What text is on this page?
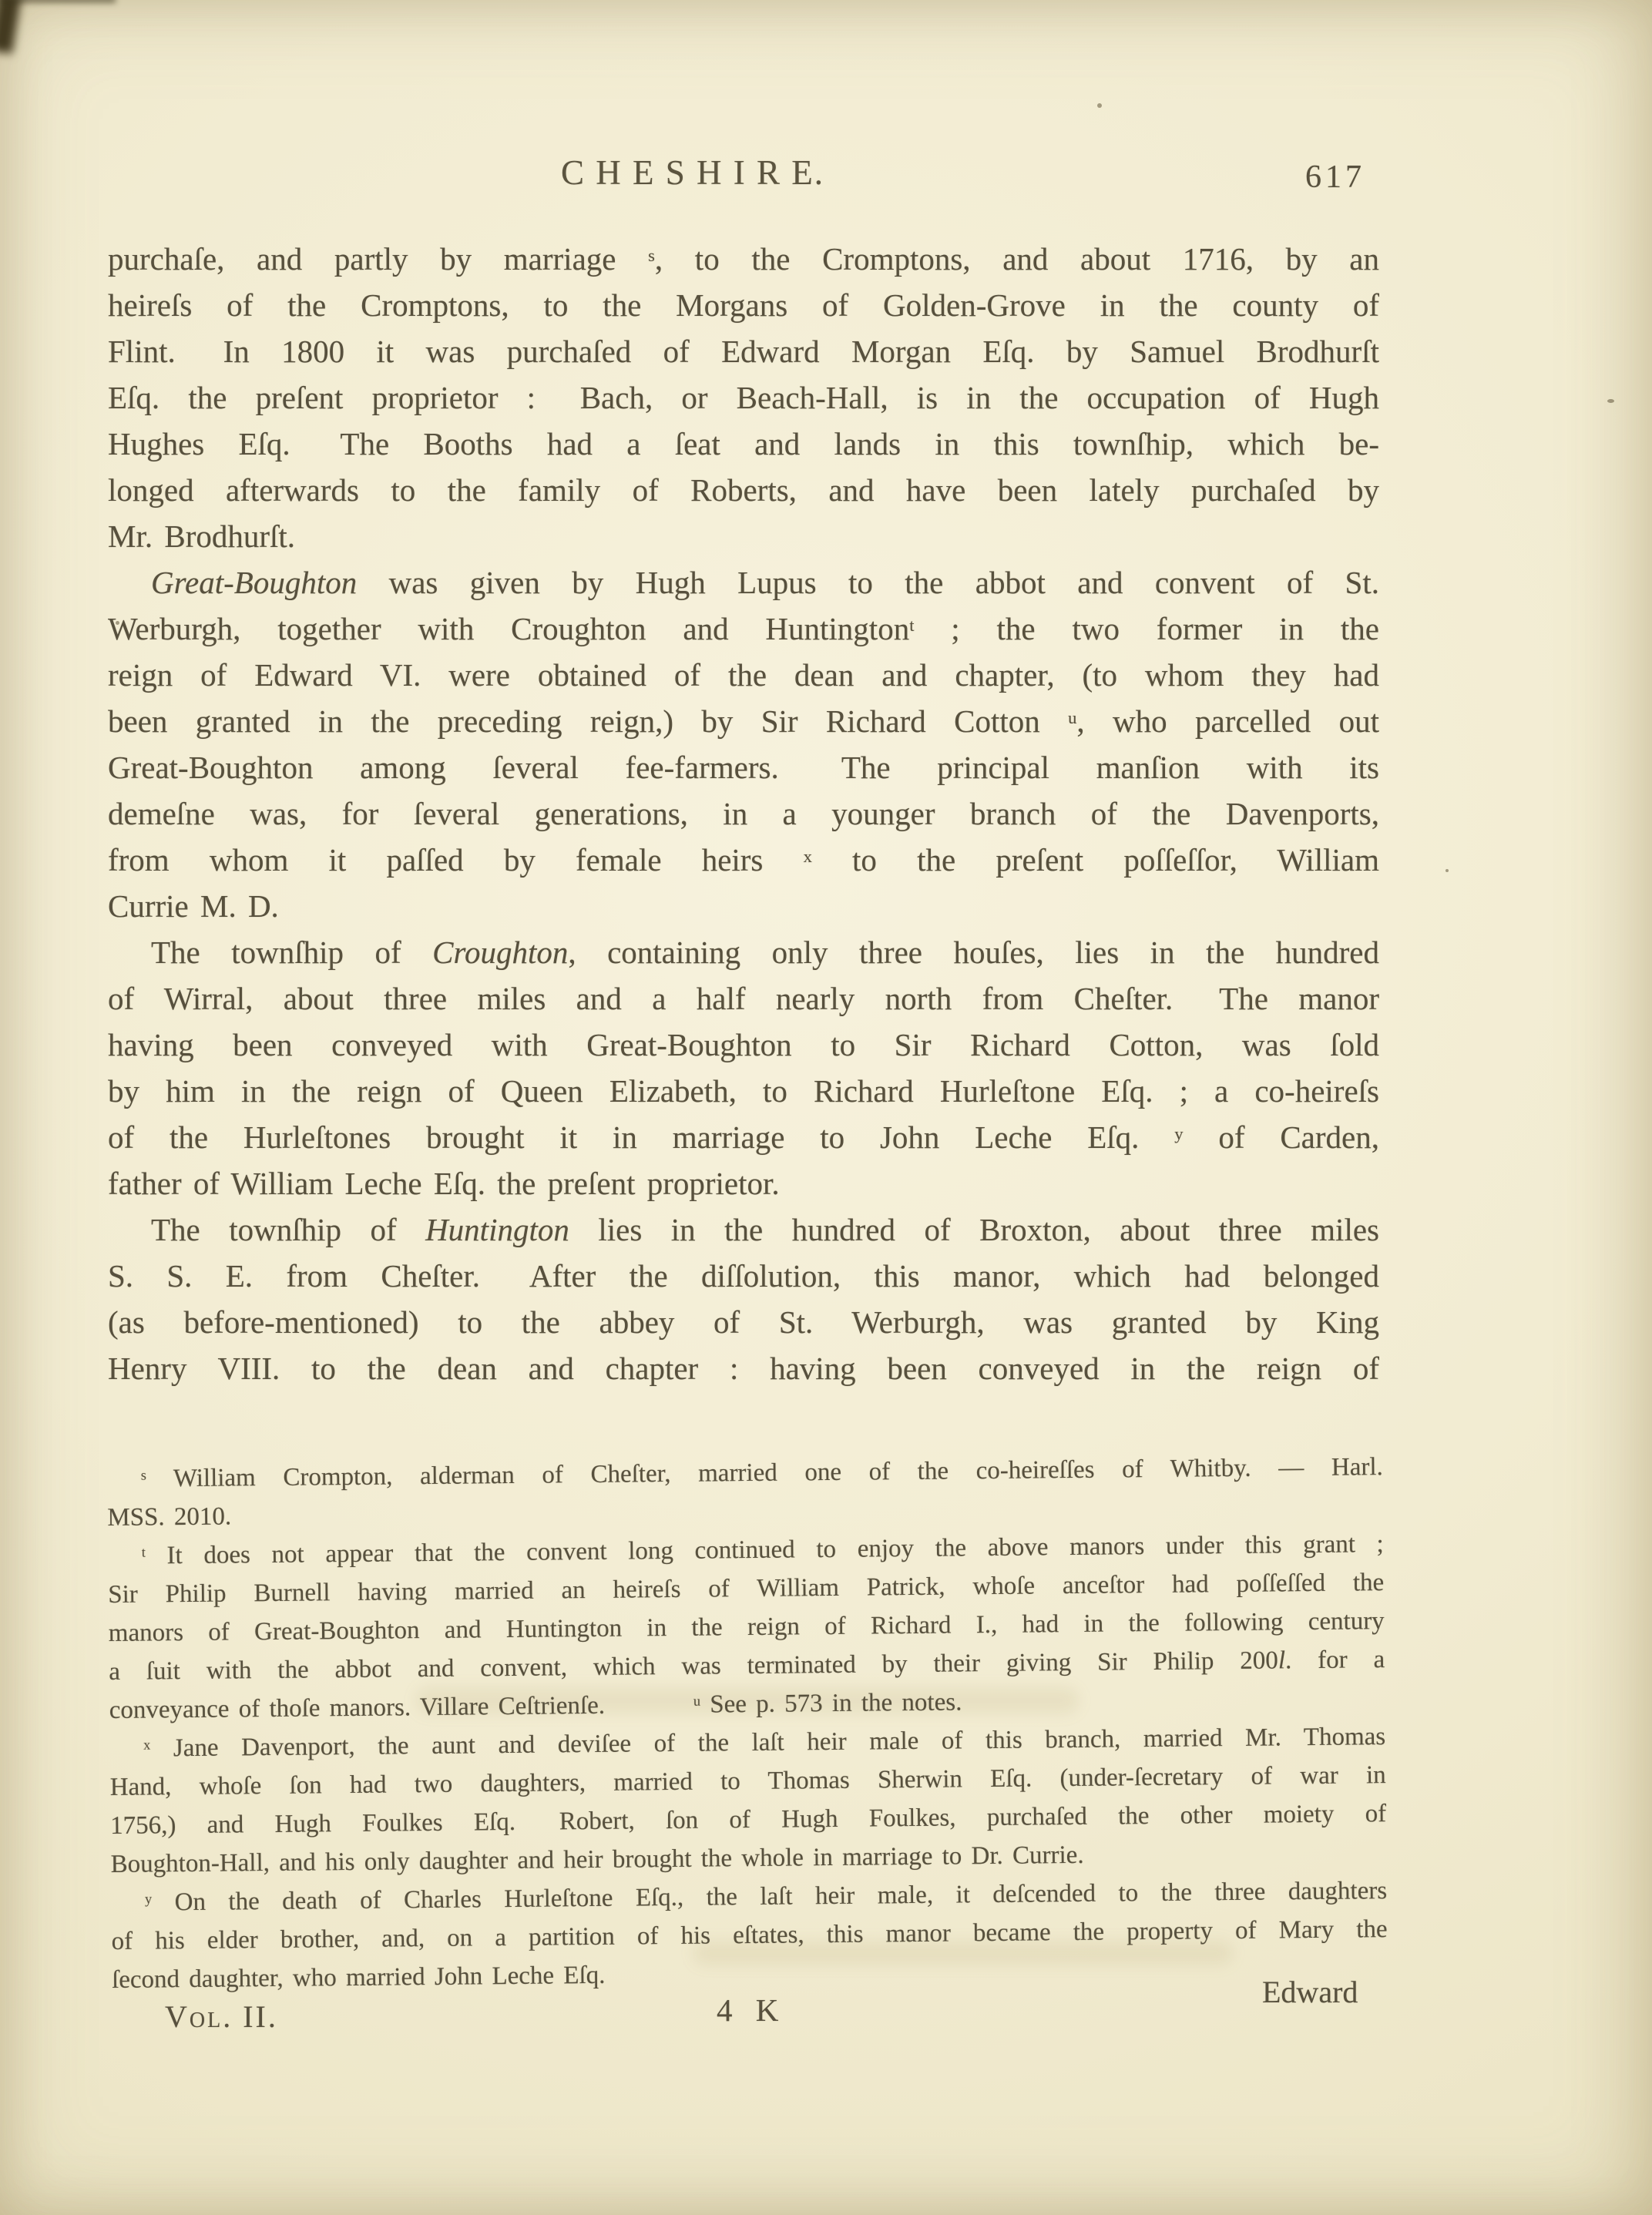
C H E S H I R E.	617
purchaſe, and partly by marriage $^s$, to the Cromptons, and about 1716, by an
heireſs of the Cromptons, to the Morgans of Golden-Grove in the county of
Flint.  In 1800 it was purchaſed of Edward Morgan Eſq. by Samuel Brodhurſt
Eſq. the preſent proprietor :  Bach, or Beach-Hall, is in the occupation of Hugh
Hughes Eſq.  The Booths had a ſeat and lands in this townſhip, which be-
longed afterwards to the family of Roberts, and have been lately purchaſed by
Mr. Brodhurſt.
Great-Boughton was given by Hugh Lupus to the abbot and convent of St.
Werburgh, together with Croughton and Huntington$^t$ ; the two former in the
reign of Edward VI. were obtained of the dean and chapter, (to whom they had
been granted in the preceding reign,) by Sir Richard Cotton $^u$, who parcelled out
Great-Boughton among ſeveral fee-farmers.  The principal manſion with its
demeſne was, for ſeveral generations, in a younger branch of the Davenports,
from whom it paſſed by female heirs $^x$ to the preſent poſſeſſor, William
Currie M. D.
The townſhip of Croughton, containing only three houſes, lies in the hundred
of Wirral, about three miles and a half nearly north from Cheſter.  The manor
having been conveyed with Great-Boughton to Sir Richard Cotton, was ſold
by him in the reign of Queen Elizabeth, to Richard Hurleſtone Eſq. ; a co-heireſs
of the Hurleſtones brought it in marriage to John Leche Eſq. $^y$ of Carden,
father of William Leche Eſq. the preſent proprietor.
The townſhip of Huntington lies in the hundred of Broxton, about three miles
S. S. E. from Cheſter.  After the diſſolution, this manor, which had belonged
(as before-mentioned) to the abbey of St. Werburgh, was granted by King
Henry VIII. to the dean and chapter : having been conveyed in the reign of
$^s$ William Crompton, alderman of Cheſter, married one of the co-heireſſes of Whitby. — Harl.
MSS. 2010.
$^t$ It does not appear that the convent long continued to enjoy the above manors under this grant ;
Sir Philip Burnell having married an heireſs of William Patrick, whoſe anceſtor had poſſeſſed the
manors of Great-Boughton and Huntington in the reign of Richard I., had in the following century
a ſuit with the abbot and convent, which was terminated by their giving Sir Philip 200l. for a
conveyance of thoſe manors. Villare Ceſtrienſe.        $^u$ See p. 573 in the notes.
$^x$ Jane Davenport, the aunt and deviſee of the laſt heir male of this branch, married Mr. Thomas
Hand, whoſe ſon had two daughters, married to Thomas Sherwin Eſq. (under-ſecretary of war in
1756,) and Hugh Foulkes Eſq.  Robert, ſon of Hugh Foulkes, purchaſed the other moiety of
Boughton-Hall, and his only daughter and heir brought the whole in marriage to Dr. Currie.
$^y$ On the death of Charles Hurleſtone Eſq., the laſt heir male, it deſcended to the three daughters
of his elder brother, and, on a partition of his eſtates, this manor became the property of Mary the
ſecond daughter, who married John Leche Eſq.
Vol. II.	4 K
Edward
